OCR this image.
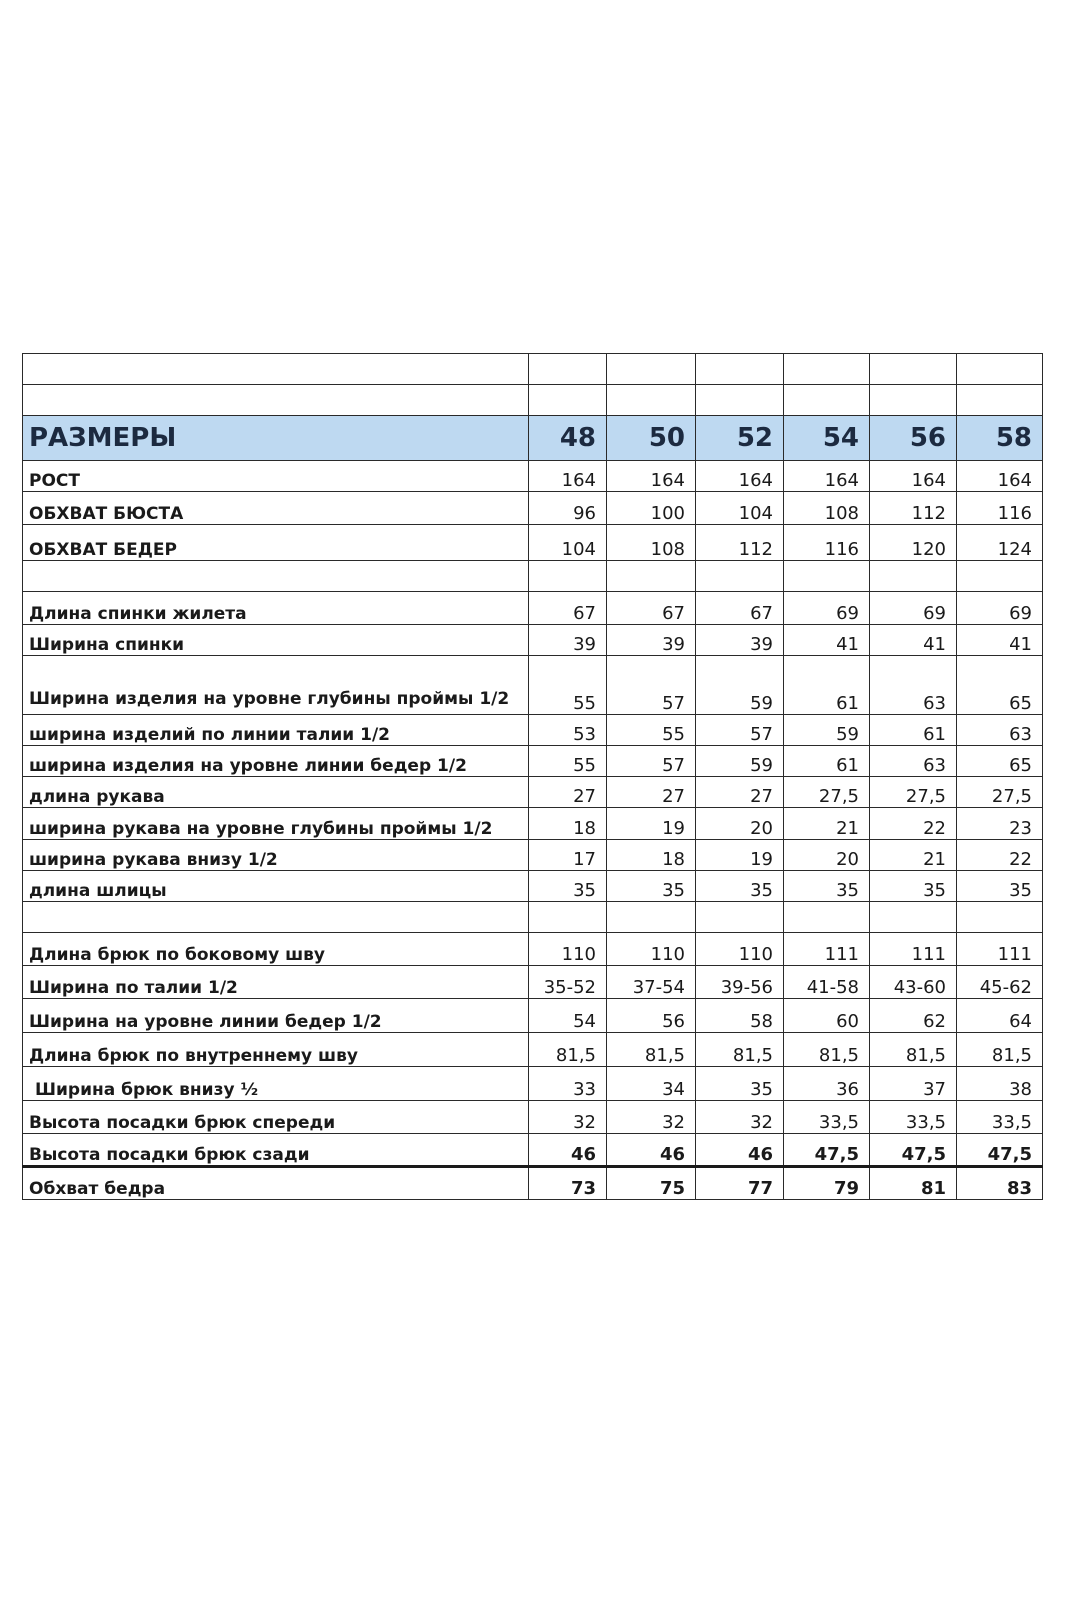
РАЗМЕРЫ	48	50	52	54	56	58
РОСТ	164	164	164	164	164	164
ОБХВАТ БЮСТА	96	100	104	108	112	116
ОБХВАТ БЕДЕР	104	108	112	116	120	124

Длина спинки жилета	67	67	67	69	69	69
Ширина спинки	39	39	39	41	41	41
Ширина изделия на уровне глубины проймы 1/2	55	57	59	61	63	65
ширина изделий по линии талии 1/2	53	55	57	59	61	63
ширина изделия на уровне линии бедер 1/2	55	57	59	61	63	65
длина рукава	27	27	27	27,5	27,5	27,5
ширина рукава на уровне глубины проймы 1/2	18	19	20	21	22	23
ширина рукава внизу 1/2	17	18	19	20	21	22
длина шлицы	35	35	35	35	35	35

Длина брюк по боковому шву	110	110	110	111	111	111
Ширина по талии 1/2	35-52	37-54	39-56	41-58	43-60	45-62
Ширина на уровне линии бедер 1/2	54	56	58	60	62	64
Длина брюк по внутреннему шву	81,5	81,5	81,5	81,5	81,5	81,5
Ширина брюк внизу ½	33	34	35	36	37	38
Высота посадки брюк спереди	32	32	32	33,5	33,5	33,5
Высота посадки брюк сзади	46	46	46	47,5	47,5	47,5
Обхват бедра	73	75	77	79	81	83
